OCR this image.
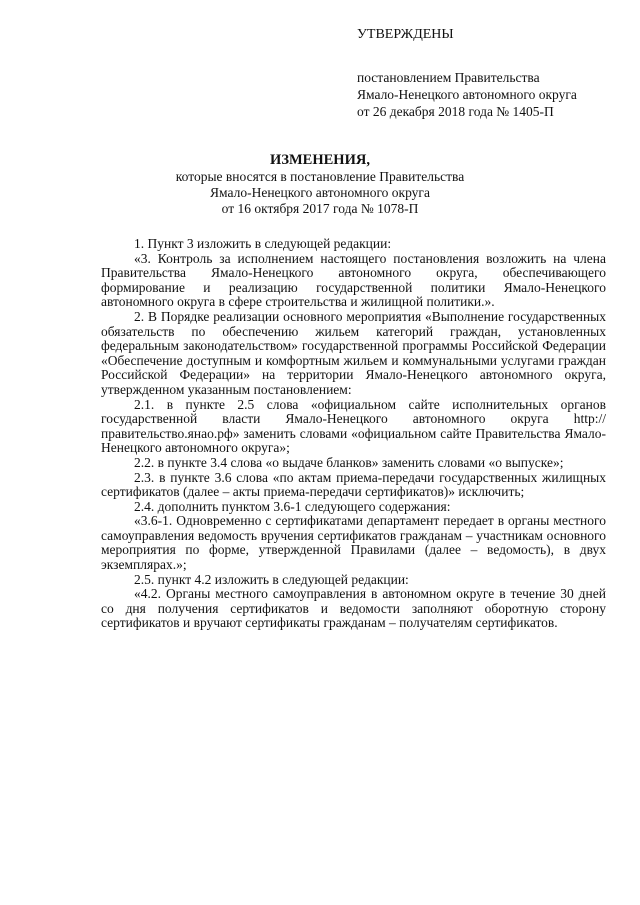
УТВЕРЖДЕНЫ
постановлением Правительства
Ямало-Ненецкого автономного округа
от 26 декабря 2018 года № 1405-П
ИЗМЕНЕНИЯ,
которые вносятся в постановление Правительства
Ямало-Ненецкого автономного округа
от 16 октября 2017 года № 1078-П

1. Пункт 3 изложить в следующей редакции:

«3. Контроль за исполнением настоящего постановления возложить на члена Правительства Ямало-Ненецкого автономного округа, обеспечивающего формирование и реализацию государственной политики Ямало-Ненецкого автономного округа в сфере строительства и жилищной политики.».

2. В Порядке реализации основного мероприятия «Выполнение государственных обязательств по обеспечению жильем категорий граждан, установленных федеральным законодательством» государственной программы Российской Федерации «Обеспечение доступным и комфортным жильем и коммунальными услугами граждан Российской Федерации» на территории Ямало-Ненецкого автономного округа, утвержденном указанным постановлением:

2.1. в пункте 2.5 слова «официальном сайте исполнительных органов государственной власти Ямало-Ненецкого автономного округа http://правительство.янао.рф» заменить словами «официальном сайте Правительства Ямало-Ненецкого автономного округа»;

2.2. в пункте 3.4 слова «о выдаче бланков» заменить словами «о выпуске»;

2.3. в пункте 3.6 слова «по актам приема-передачи государственных жилищных сертификатов (далее – акты приема-передачи сертификатов)» исключить;

2.4. дополнить пунктом 3.6-1 следующего содержания:

«3.6-1. Одновременно с сертификатами департамент передает в органы местного самоуправления ведомость вручения сертификатов гражданам – участникам основного мероприятия по форме, утвержденной Правилами (далее – ведомость), в двух экземплярах.»;

2.5. пункт 4.2 изложить в следующей редакции:

«4.2. Органы местного самоуправления в автономном округе в течение 30 дней со дня получения сертификатов и ведомости заполняют оборотную сторону сертификатов и вручают сертификаты гражданам – получателям сертификатов.
